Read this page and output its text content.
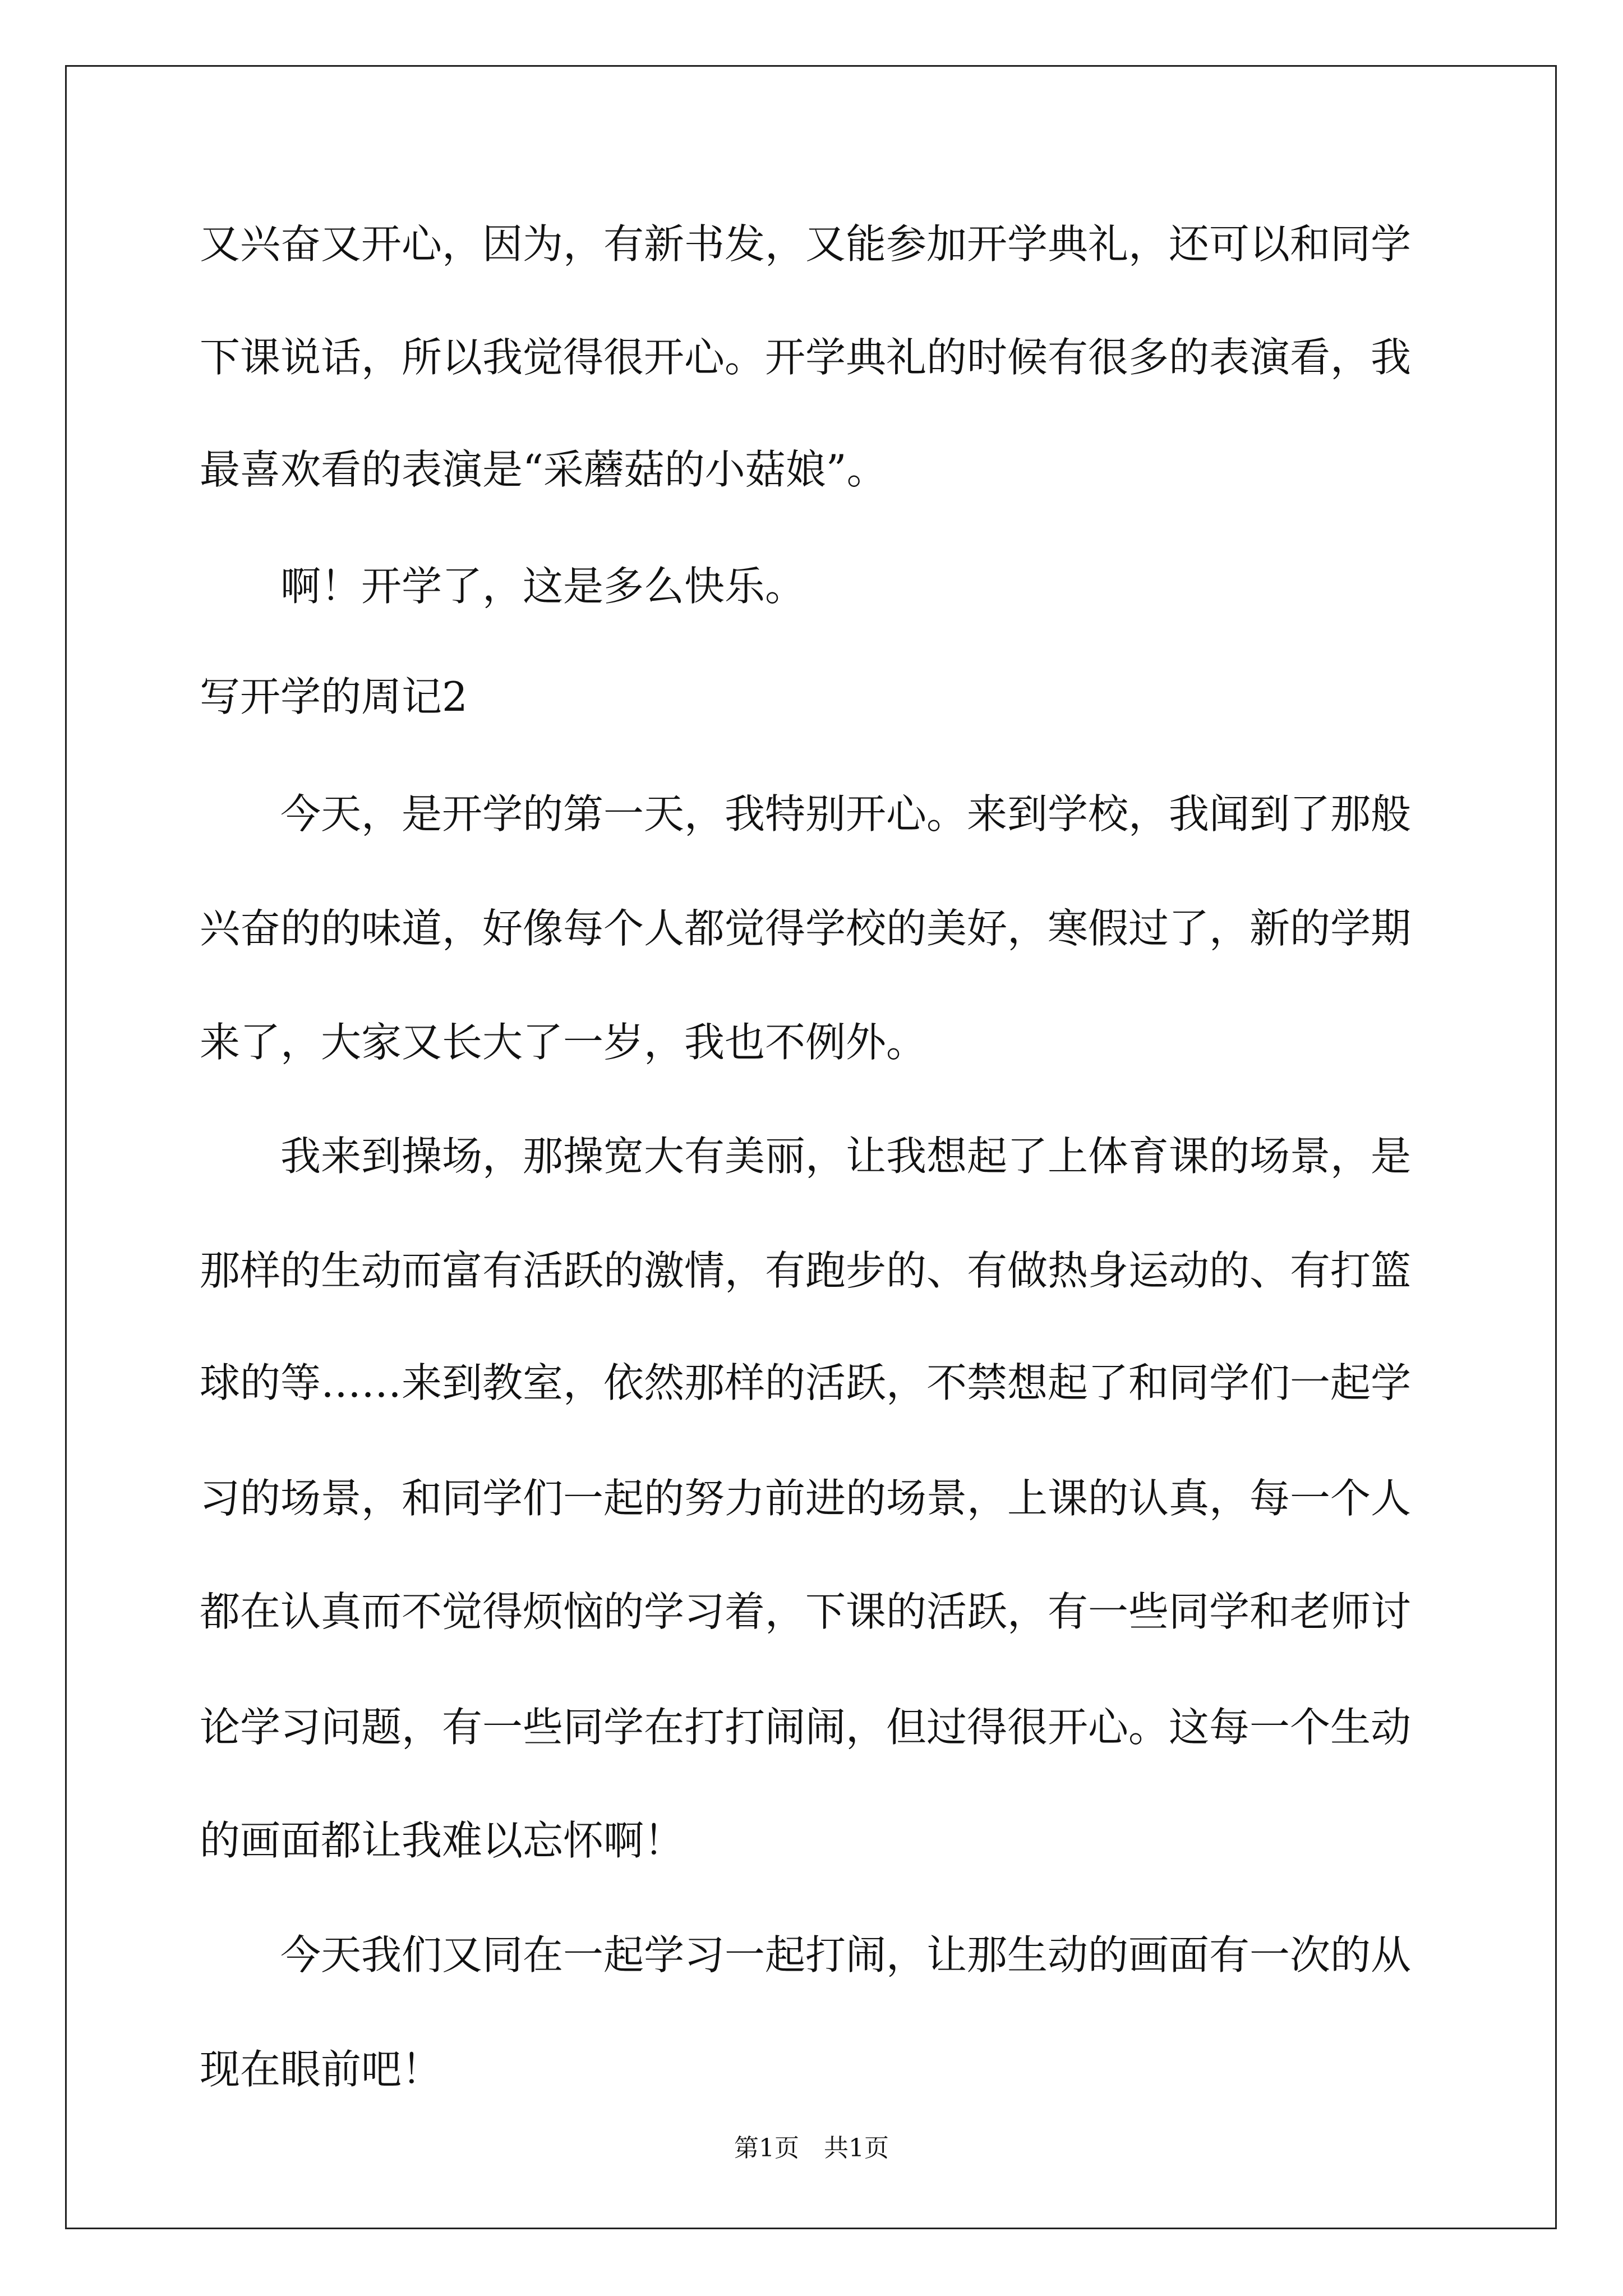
又兴奋又开心，因为，有新书发，又能参加开学典礼，还可以和同学
下课说话，所以我觉得很开心。开学典礼的时候有很多的表演看，我
最喜欢看的表演是“采蘑菇的小菇娘”。
　　啊！开学了，这是多么快乐。
写开学的周记2
　　今天，是开学的第一天，我特别开心。来到学校，我闻到了那般
兴奋的的味道，好像每个人都觉得学校的美好，寒假过了，新的学期
来了，大家又长大了一岁，我也不例外。
　　我来到操场，那操宽大有美丽，让我想起了上体育课的场景，是
那样的生动而富有活跃的激情，有跑步的、有做热身运动的、有打篮
球的等……来到教室，依然那样的活跃，不禁想起了和同学们一起学
习的场景，和同学们一起的努力前进的场景，上课的认真，每一个人
都在认真而不觉得烦恼的学习着，下课的活跃，有一些同学和老师讨
论学习问题，有一些同学在打打闹闹，但过得很开心。这每一个生动
的画面都让我难以忘怀啊！
　　今天我们又同在一起学习一起打闹，让那生动的画面有一次的从
现在眼前吧！
第1页　共1页
